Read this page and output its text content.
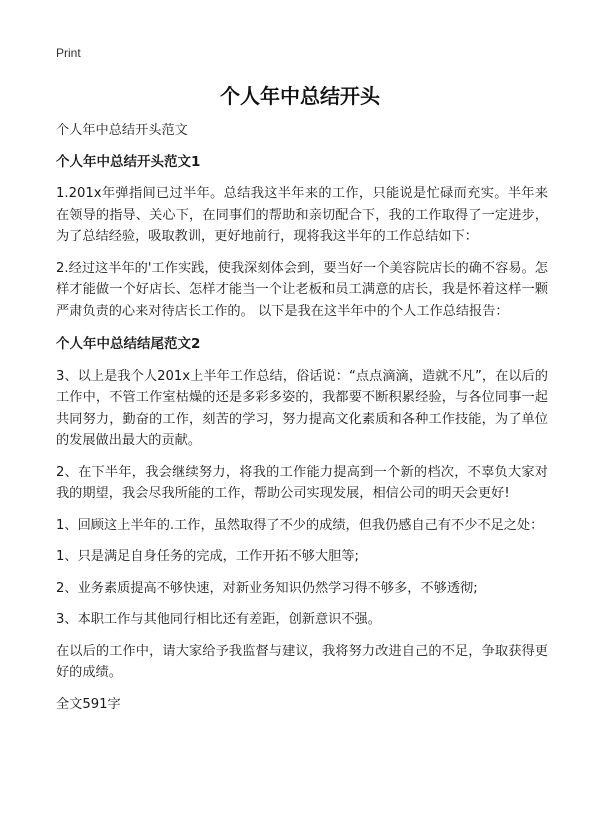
Print
个人年中总结开头

个人年中总结开头范文

个人年中总结开头范文1

1.201x年弹指间已过半年。总结我这半年来的工作，只能说是忙碌而充实。半年来在领导的指导、关心下，在同事们的帮助和亲切配合下，我的工作取得了一定进步，为了总结经验，吸取教训，更好地前行，现将我这半年的工作总结如下：

2.经过这半年的'工作实践，使我深刻体会到，要当好一个美容院店长的确不容易。怎样才能做一个好店长、怎样才能当一个让老板和员工满意的店长，我是怀着这样一颗严肃负责的心来对待店长工作的。 以下是我在这半年中的个人工作总结报告：

个人年中总结结尾范文2

3、以上是我个人201x上半年工作总结，俗话说：“点点滴滴，造就不凡”，在以后的工作中，不管工作室枯燥的还是多彩多姿的，我都要不断积累经验，与各位同事一起共同努力，勤奋的工作，刻苦的学习，努力提高文化素质和各种工作技能，为了单位的发展做出最大的贡献。

2、在下半年，我会继续努力，将我的工作能力提高到一个新的档次，不辜负大家对我的期望，我会尽我所能的工作，帮助公司实现发展，相信公司的明天会更好!

1、回顾这上半年的.工作，虽然取得了不少的成绩，但我仍感自己有不少不足之处：

1、只是满足自身任务的完成，工作开拓不够大胆等;

2、业务素质提高不够快速，对新业务知识仍然学习得不够多，不够透彻;

3、本职工作与其他同行相比还有差距，创新意识不强。

在以后的工作中，请大家给予我监督与建议，我将努力改进自己的不足，争取获得更好的成绩。

全文591字
